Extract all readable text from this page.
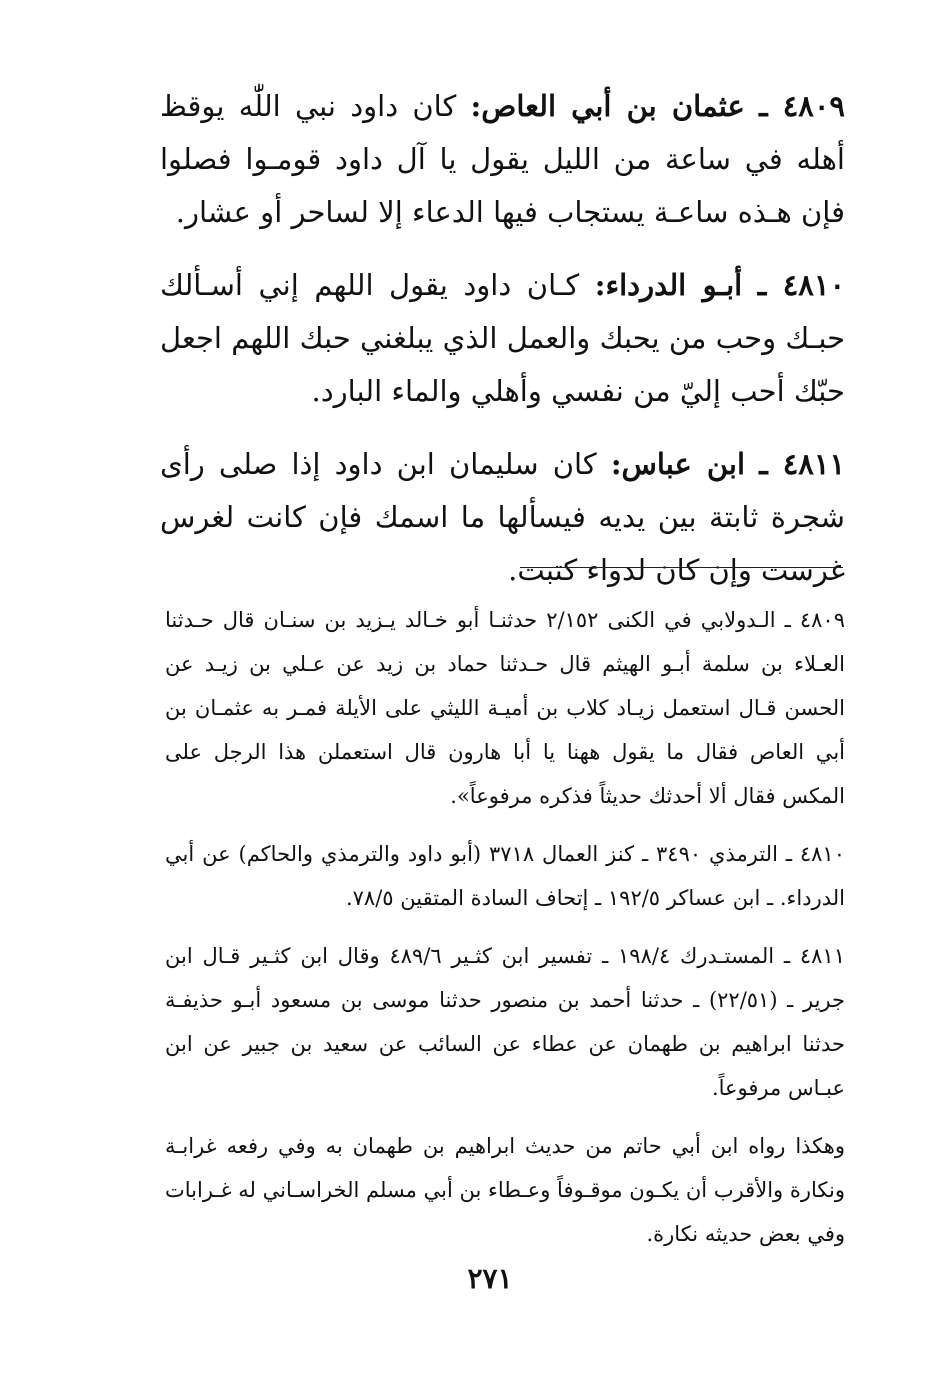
٤٨٠٩ ـ عثمان بن أبي العاص: كان داود نبي اللّٰه يوقظ أهله في ساعة من الليل يقول يا آل داود قومـوا فصلوا فإن هـذه ساعـة يستجاب فيها الدعاء إلا لساحر أو عشار.

٤٨١٠ ـ أبـو الدرداء: كـان داود يقول اللهم إني أسـألك حبـك وحب من يحبك والعمل الذي يبلغني حبك اللهم اجعل حبّك أحب إليّ من نفسي وأهلي والماء البارد.

٤٨١١ ـ ابن عباس: كان سليمان ابن داود إذا صلى رأى شجرة ثابتة بين يديه فيسألها ما اسمك فإن كانت لغرس غرست وإن كان لدواء كتبت.

٤٨٠٩ ـ الـدولابي في الكنى ٢/١٥٢ حدثنـا أبو خـالد يـزيد بن سنـان قال حـدثنا العـلاء بن سلمة أبـو الهيثم قال حـدثنا حماد بن زيد عن عـلي بن زيـد عن الحسن قـال استعمل زيـاد كلاب بن أميـة الليثي على الأيلة فمـر به عثمـان بن أبي العاص فقال ما يقول ههنا يا أبا هارون قال استعملن هذا الرجل على المكس فقال ألا أحدثك حديثاً فذكره مرفوعاً».

٤٨١٠ ـ الترمذي ٣٤٩٠ ـ كنز العمال ٣٧١٨ (أبو داود والترمذي والحاكم) عن أبي الدرداء. ـ ابن عساكر ١٩٢/٥ ـ إتحاف السادة المتقين ٧٨/٥.

٤٨١١ ـ المستـدرك ١٩٨/٤ ـ تفسير ابن كثـير ٤٨٩/٦ وقال ابن كثـير قـال ابن جرير ـ (٢٢/٥١) ـ حدثنا أحمد بن منصور حدثنا موسى بن مسعود أبـو حذيفـة حدثنا ابراهيم بن طهمان عن عطاء عن السائب عن سعيد بن جبير عن ابن عبـاس مرفوعاً.

وهكذا رواه ابن أبي حاتم من حديث ابراهيم بن طهمان به وفي رفعه غرابـة ونكارة والأقرب أن يكـون موقـوفاً وعـطاء بن أبي مسلم الخراسـاني له غـرابات وفي بعض حديثه نكارة.

٢٧١
